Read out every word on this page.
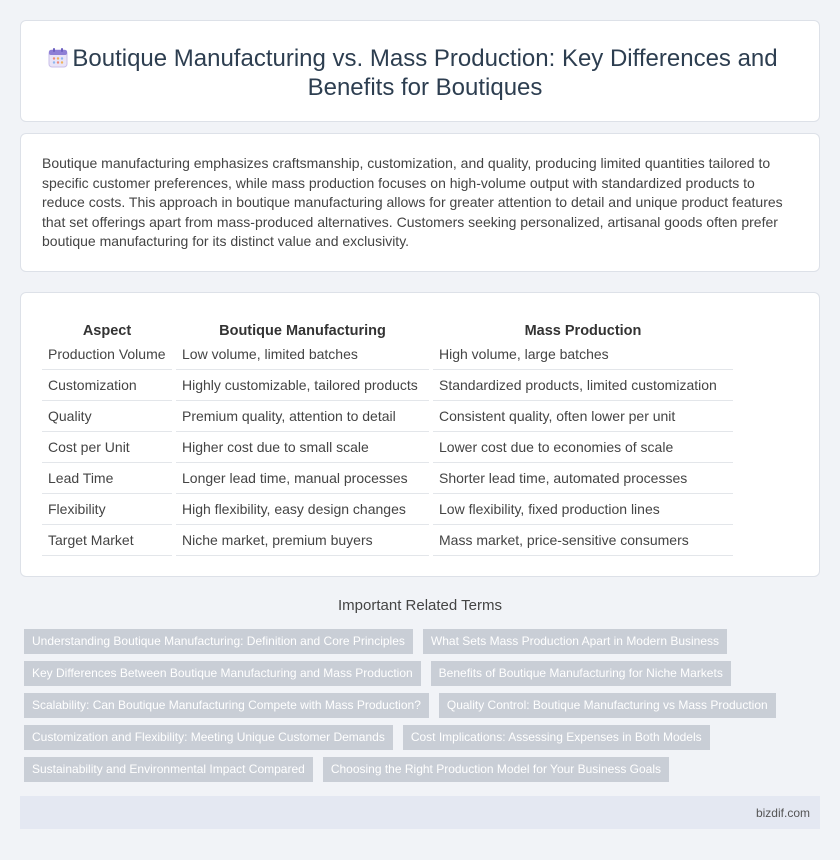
Boutique Manufacturing vs. Mass Production: Key Differences and Benefits for Boutiques

Boutique manufacturing emphasizes craftsmanship, customization, and quality, producing limited quantities tailored to specific customer preferences, while mass production focuses on high-volume output with standardized products to reduce costs. This approach in boutique manufacturing allows for greater attention to detail and unique product features that set offerings apart from mass-produced alternatives. Customers seeking personalized, artisanal goods often prefer boutique manufacturing for its distinct value and exclusivity.

Aspect		Boutique Manufacturing		Mass Production
Production Volume		Low volume, limited batches		High volume, large batches
Customization		Highly customizable, tailored products		Standardized products, limited customization
Quality		Premium quality, attention to detail		Consistent quality, often lower per unit
Cost per Unit		Higher cost due to small scale		Lower cost due to economies of scale
Lead Time		Longer lead time, manual processes		Shorter lead time, automated processes
Flexibility		High flexibility, easy design changes		Low flexibility, fixed production lines
Target Market		Niche market, premium buyers		Mass market, price-sensitive consumers
Important Related Terms
Understanding Boutique Manufacturing: Definition and Core Principles	What Sets Mass Production Apart in Modern Business
Key Differences Between Boutique Manufacturing and Mass Production	Benefits of Boutique Manufacturing for Niche Markets
Scalability: Can Boutique Manufacturing Compete with Mass Production?	Quality Control: Boutique Manufacturing vs Mass Production
Customization and Flexibility: Meeting Unique Customer Demands	Cost Implications: Assessing Expenses in Both Models
Sustainability and Environmental Impact Compared	Choosing the Right Production Model for Your Business Goals
bizdif.com
